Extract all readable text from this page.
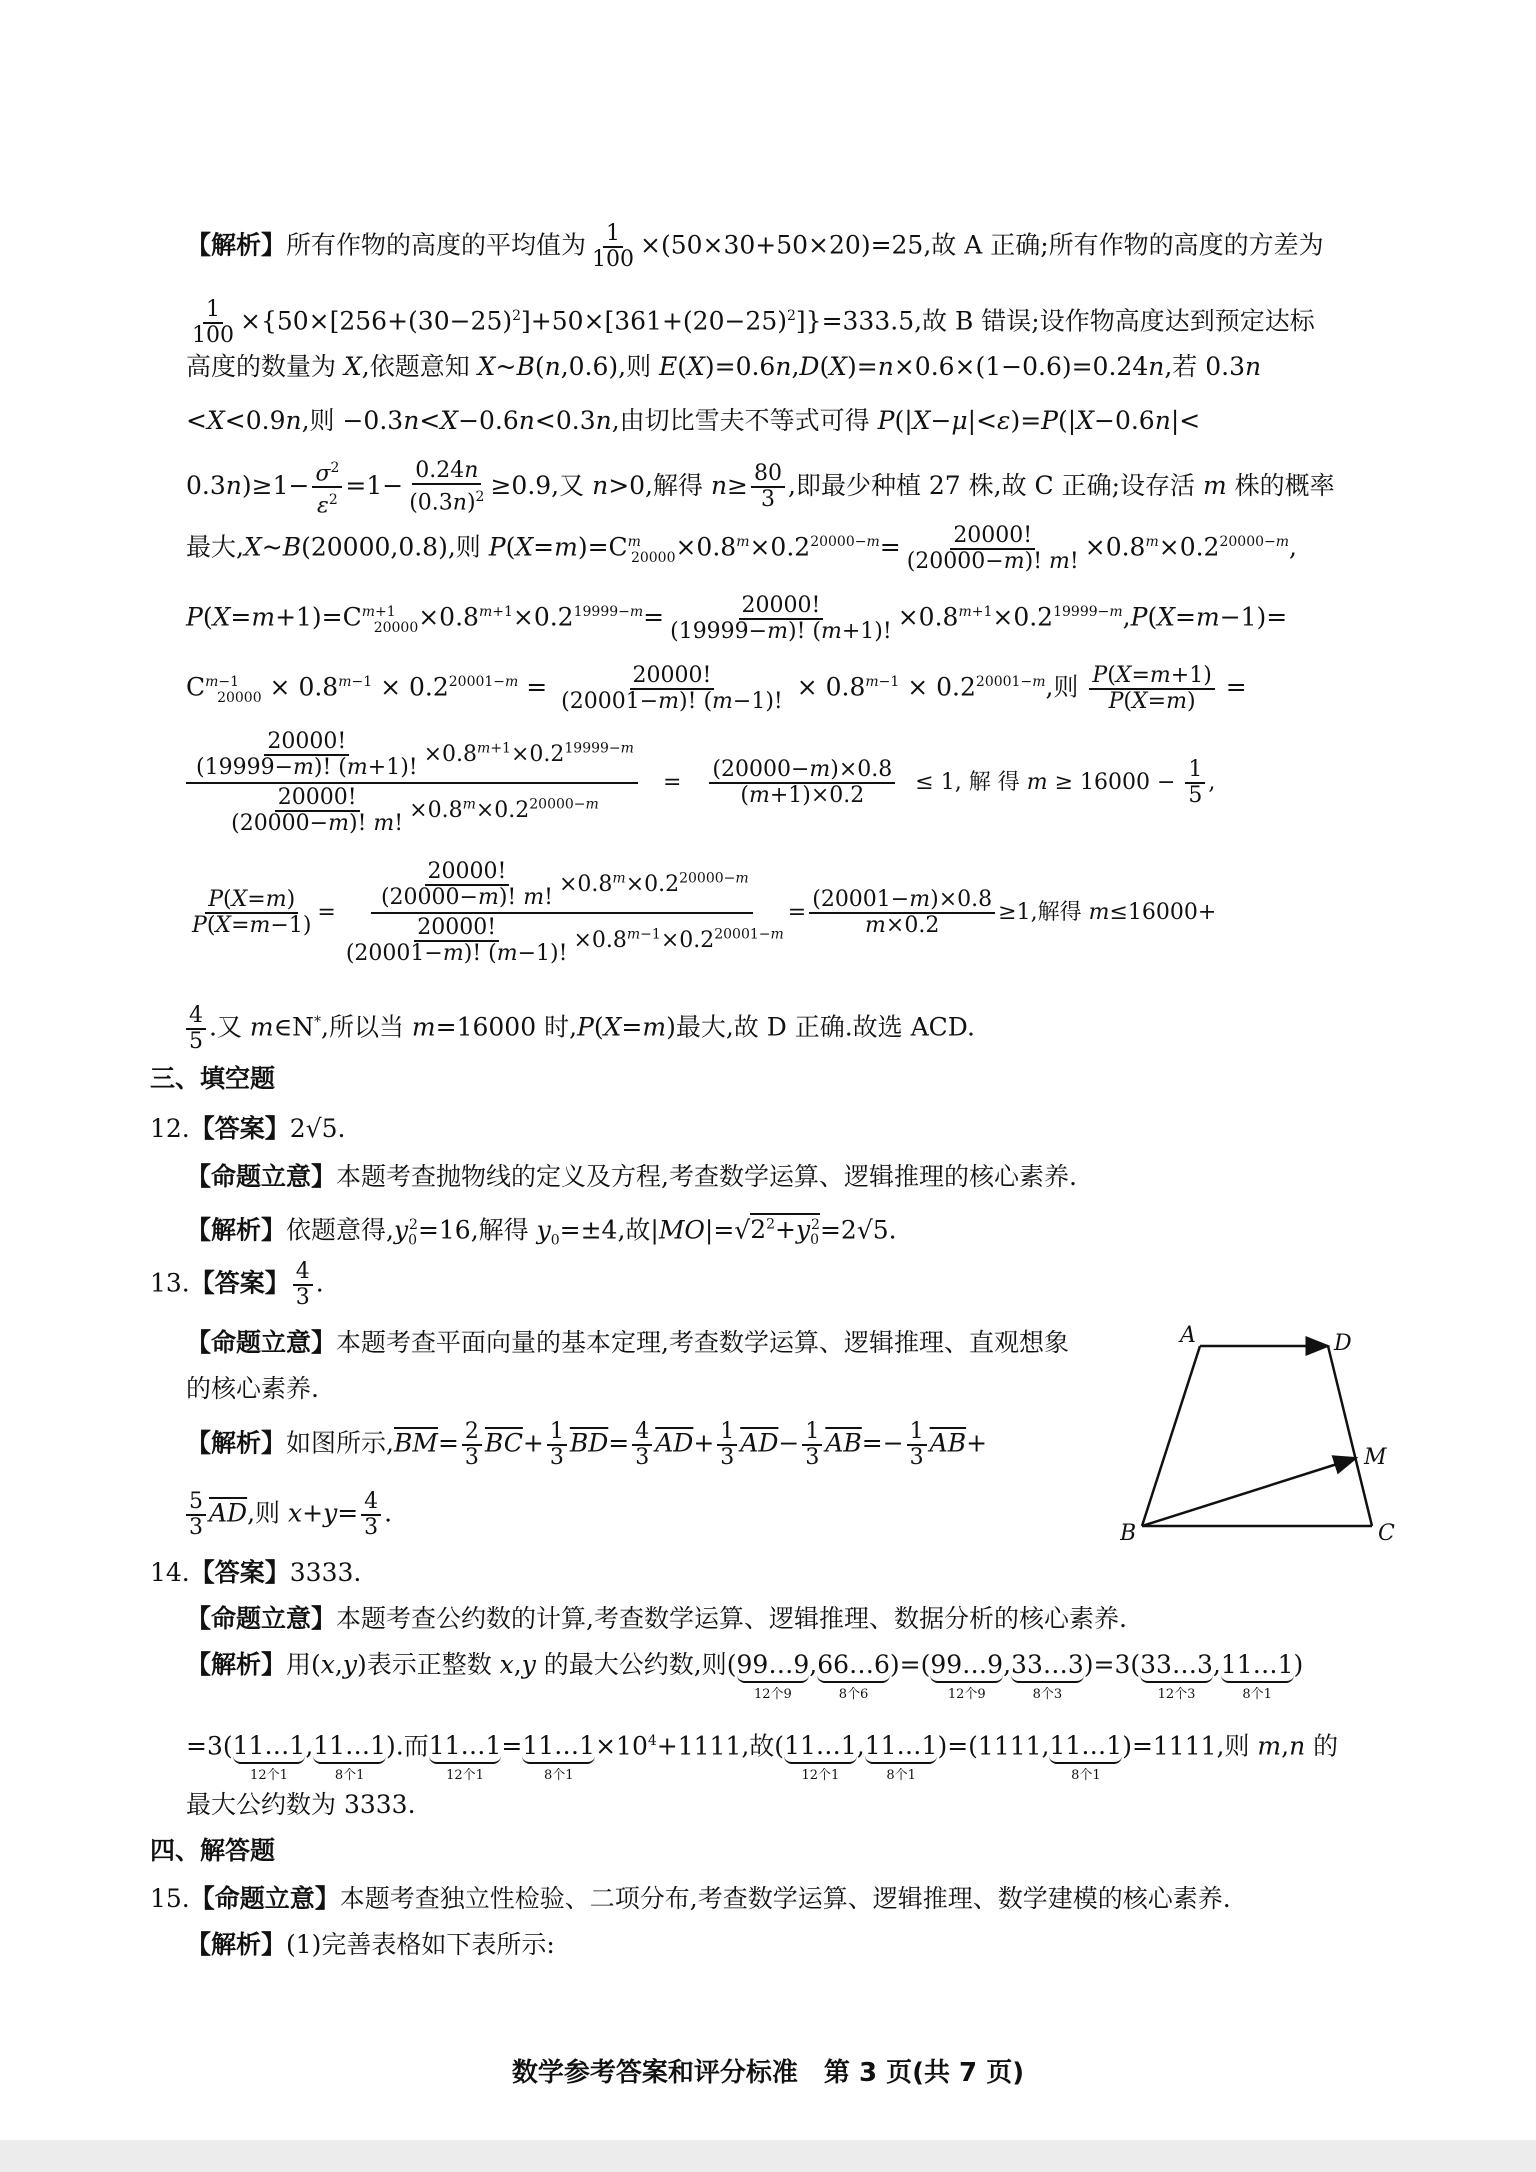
【解析】所有作物的高度的平均值为 $\frac{1}{100} \times(50\times 30+50\times 20)=25$,故 A 正确;所有作物的高度的方差为
$\frac{1}{100} \times\{50\times[256+(30-25)^2]+50\times[361+(20-25)^2]\}=333.5$,故 B 错误;设作物高度达到预定达标
高度的数量为 X,依题意知 X~B(n,0.6),则 E(X)=0.6n,D(X)=n×0.6×(1−0.6)=0.24n,若 0.3n
<X<0.9n,则 −0.3n<X−0.6n<0.3n,由切比雪夫不等式可得 P(|X−μ|<ε)=P(|X−0.6n|<
$0.3n)\ge 1- \frac{\sigma^2}{\varepsilon^2} =1- \frac{0.24n}{(0.3n)^2} \ge 0.9$,又 n>0,解得 $n\ge \frac{80}{3}$ ,即最少种植 27 株,故 C 正确;设存活 m 株的概率
最大,X~B(20000,0.8),则 $P(X=m)=C^m_{20000}\times 0.8^m\times 0.2^{20000-m}= \frac{20000!}{(20000-m)! m!} \times 0.8^m\times 0.2^{20000-m}$,
$P(X=m+1)=C^{m+1}_{20000}\times 0.8^{m+1}\times 0.2^{19999-m}= \frac{20000!}{(19999-m)! (m+1)!} \times 0.8^{m+1}\times 0.2^{19999-m},P(X=m-1)=$
$C^{m-1}_{20000} \times 0.8^{m-1} \times 0.2^{20001-m} = \frac{20000!}{(20001-m)! (m-1)!} \times 0.8^{m-1} \times 0.2^{20001-m}$,则 $\frac{P(X=m+1)}{P(X=m)}$ =
$\frac{\frac{20000!}{(19999-m)! (m+1)!} \times 0.8^{m+1}\times 0.2^{19999-m}}{\frac{20000!}{(20000-m)! m!} \times 0.8^m\times 0.2^{20000-m}} = \frac{(20000-m)\times 0.8}{(m+1)\times 0.2} \le 1$, 解 得 $m \ge 16000 - \frac{1}{5}$ ,
$\frac{P(X=m)}{P(X=m-1)} = \frac{\frac{20000!}{(20000-m)! m!} \times 0.8^m\times 0.2^{20000-m}}{\frac{20000!}{(20001-m)! (m-1)!} \times 0.8^{m-1}\times 0.2^{20001-m}} = \frac{(20001-m)\times 0.8}{m\times 0.2} \ge 1$,解得 m≤16000+
$\frac{4}{5}$ .又 m∈N*,所以当 m=16000 时,P(X=m)最大,故 D 正确.故选 ACD.
三、填空题
12.【答案】2√5.
【命题立意】本题考查抛物线的定义及方程,考查数学运算、逻辑推理的核心素养.
【解析】依题意得$,y_0^2=16$,解得 $y_0=\pm 4$,故$|MO|=√2^2+y_0^2=2√5$.
13.【答案】 $\frac{4}{3}$ .
【命题立意】本题考查平面向量的基本定理,考查数学运算、逻辑推理、直观想象
的核心素养.
【解析】如图所示$,\overline{BM}= \frac{2}{3} \overline{BC}+ \frac{1}{3} \overline{BD}= \frac{4}{3} \overline{AD}+ \frac{1}{3} \overline{AD}- \frac{1}{3} \overline{AB}=- \frac{1}{3} \overline{AB}+$
$\frac{5}{3} \overline{AD}$,则 $x+y= \frac{4}{3}$ .
A	D
M
B	C
14.【答案】3333.
【命题立意】本题考查公约数的计算,考查数学运算、逻辑推理、数据分析的核心素养.
【解析】用(x,y)表示正整数 x,y 的最大公约数,则(99…9
12个9
,66…6
8个6
)=(99…9
12个9
,33…3
8个3
)=3(33…3
12个3
,11…1
8个1
)
=3(11…1
12个1
,11…1
8个1
).而11…1
12个1
=11…1
8个1
$\times 10^4+1111$,故(11…1
12个1
,11…1
8个1
)=(1111,11…1
8个1
)=1111,则 m,n 的
最大公约数为 3333.
四、解答题
15.【命题立意】本题考查独立性检验、二项分布,考查数学运算、逻辑推理、数学建模的核心素养.
【解析】(1)完善表格如下表所示:
数学参考答案和评分标准　第 3 页(共 7 页)
